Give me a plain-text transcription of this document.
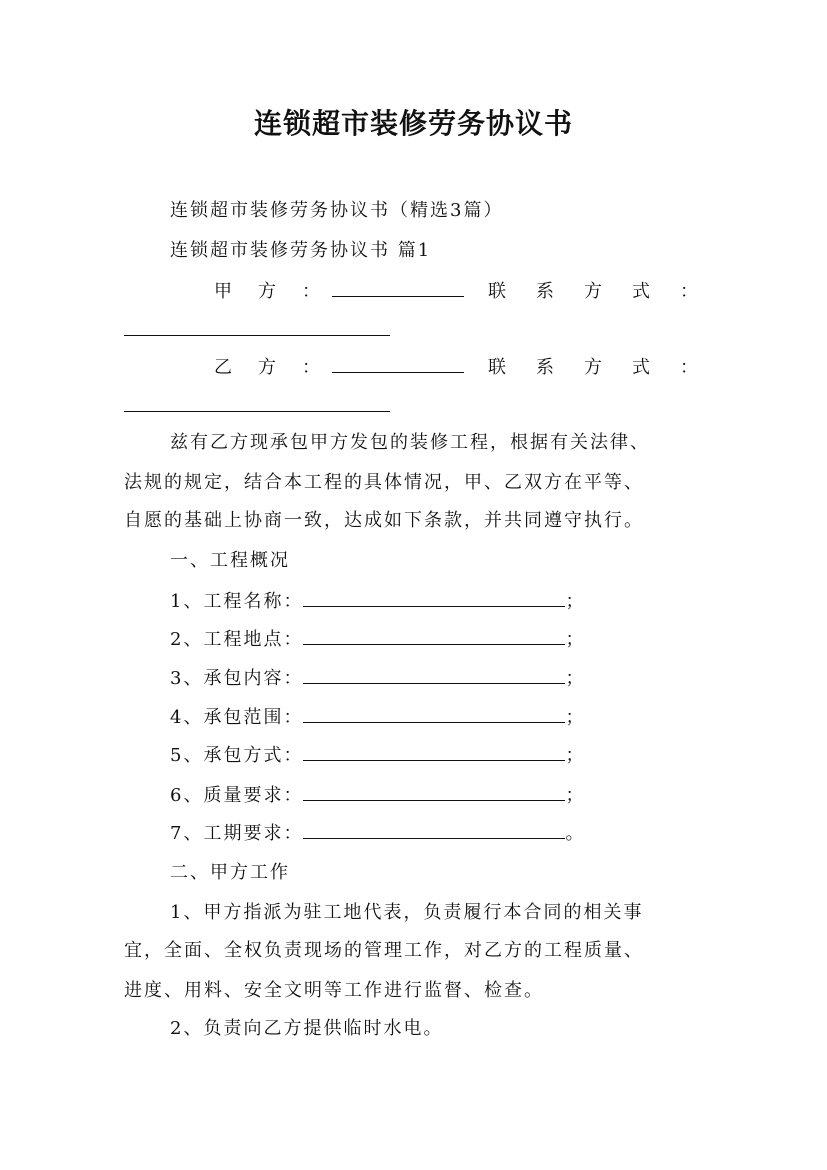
连锁超市装修劳务协议书
连锁超市装修劳务协议书（精选3篇）
连锁超市装修劳务协议书 篇1
甲方：	联系方式：
乙方：	联系方式：
兹有乙方现承包甲方发包的装修工程，根据有关法律、
法规的规定，结合本工程的具体情况，甲、乙双方在平等、
自愿的基础上协商一致，达成如下条款，并共同遵守执行。
一、工程概况
1、工程名称：	；
2、工程地点：	；
3、承包内容：	；
4、承包范围：	；
5、承包方式：	；
6、质量要求：	；
7、工期要求：	。
二、甲方工作
1、甲方指派为驻工地代表，负责履行本合同的相关事
宜，全面、全权负责现场的管理工作，对乙方的工程质量、
进度、用料、安全文明等工作进行监督、检查。
2、负责向乙方提供临时水电。
